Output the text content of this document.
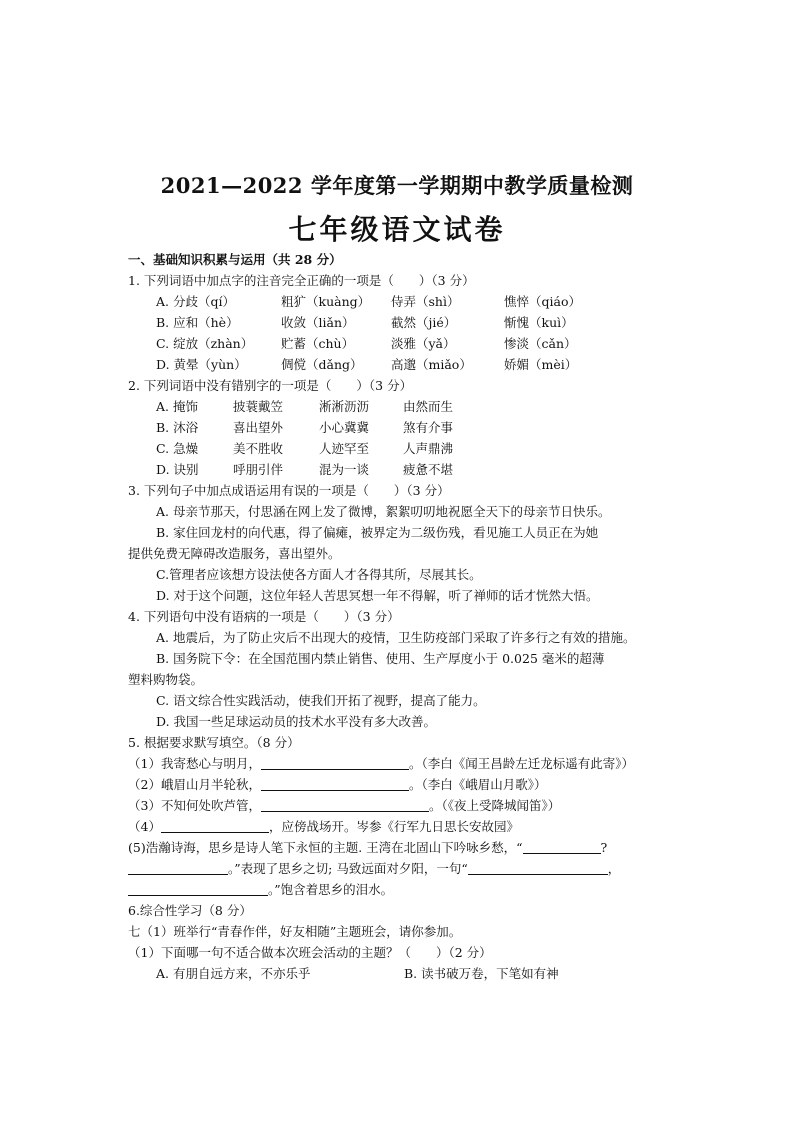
2021—2022 学年度第一学期期中教学质量检测
七年级语文试卷
一、基础知识积累与运用（共 28 分）
1. 下列词语中加点字的注音完全正确的一项是（　　）（3 分）
A. 分歧（qí）	粗犷（kuàng）	侍弄（shì）	憔悴（qiáo）
B. 应和（hè）	收敛（liǎn）	截然（jié）	惭愧（kuì）
C. 绽放（zhàn）	贮蓄（chù）	淡雅（yǎ）	惨淡（cǎn）
D. 黄晕（yùn）	倜傥（dǎng）	高邈（miǎo）	娇媚（mèi）
2. 下列词语中没有错别字的一项是（　　）（3 分）
A. 掩饰	披蓑戴笠	淅淅沥沥	由然而生
B. 沐浴	喜出望外	小心冀冀	煞有介事
C. 急燥	美不胜收	人迹罕至	人声鼎沸
D. 诀别	呼朋引伴	混为一谈	疲惫不堪
3. 下列句子中加点成语运用有误的一项是（　　）（3 分）
A. 母亲节那天，付思涵在网上发了微博，絮絮叨叨地祝愿全天下的母亲节日快乐。
B. 家住回龙村的向代惠，得了偏瘫，被界定为二级伤残，看见施工人员正在为她
提供免费无障碍改造服务，喜出望外。
C.管理者应该想方设法使各方面人才各得其所，尽展其长。
D. 对于这个问题，这位年轻人苦思冥想一年不得解，听了禅师的话才恍然大悟。
4. 下列语句中没有语病的一项是（　　）（3 分）
A. 地震后，为了防止灾后不出现大的疫情，卫生防疫部门采取了许多行之有效的措施。
B. 国务院下令：在全国范围内禁止销售、使用、生产厚度小于 0.025 毫米的超薄
塑料购物袋。
C. 语文综合性实践活动，使我们开拓了视野，提高了能力。
D. 我国一些足球运动员的技术水平没有多大改善。
5. 根据要求默写填空。（8 分）
（1）我寄愁心与明月，	。（李白《闻王昌龄左迁龙标遥有此寄》）
（2）峨眉山月半轮秋，	。（李白《峨眉山月歌》）
（3）不知何处吹芦管，	。（《夜上受降城闻笛》）
（4）	，应傍战场开。岑参《行军九日思长安故园》
(5)浩瀚诗海，思乡是诗人笔下永恒的主题. 王湾在北固山下吟咏乡愁，“	?
。”表现了思乡之切; 马致远面对夕阳，一句“	，
。”饱含着思乡的泪水。
6.综合性学习（8 分）
七（1）班举行“青春作伴，好友相随”主题班会，请你参加。
（1）下面哪一句不适合做本次班会活动的主题？（　　）（2 分）
A. 有朋自远方来，不亦乐乎	B. 读书破万卷，下笔如有神
